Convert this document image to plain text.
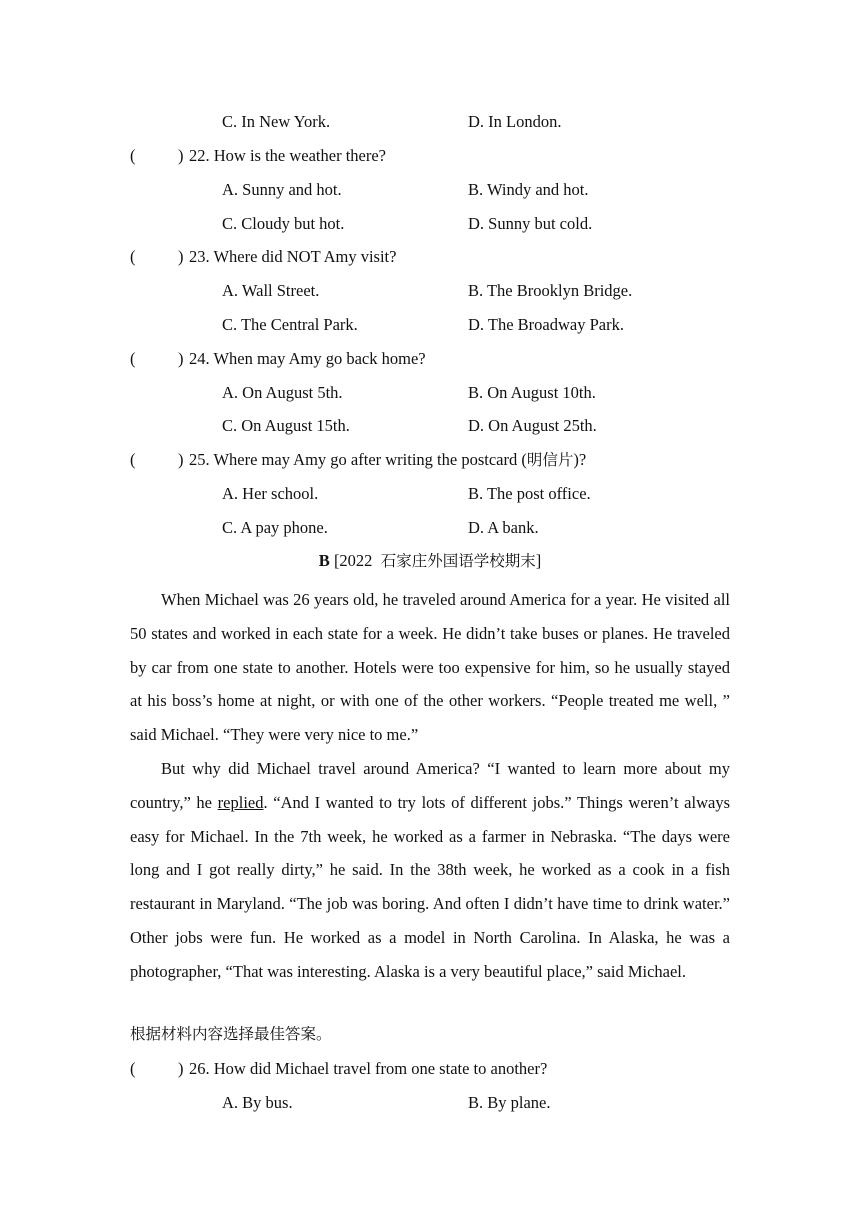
C. In New York.	D. In London.
(	) 22. How is the weather there?
A. Sunny and hot.	B. Windy and hot.
C. Cloudy but hot.	D. Sunny but cold.
(	) 23. Where did NOT Amy visit?
A. Wall Street.	B. The Brooklyn Bridge.
C. The Central Park.	D. The Broadway Park.
(	) 24. When may Amy go back home?
A. On August 5th.	B. On August 10th.
C. On August 15th.	D. On August 25th.
(	) 25. Where may Amy go after writing the postcard (明信片)?
A. Her school.	B. The post office.
C. A pay phone.	D. A bank.
B [2022 石家庄外国语学校期末]

When Michael was 26 years old, he traveled around America for a year. He visited all 50 states and worked in each state for a week. He didn’t take buses or planes. He traveled by car from one state to another. Hotels were too expensive for him, so he usually stayed at his boss’s home at night, or with one of the other workers. “People treated me well, ” said Michael. “They were very nice to me.”

But why did Michael travel around America? “I wanted to learn more about my country,” he replied. “And I wanted to try lots of different jobs.” Things weren’t always easy for Michael. In the 7th week, he worked as a farmer in Nebraska. “The days were long and I got really dirty,” he said. In the 38th week, he worked as a cook in a fish restaurant in Maryland. “The job was boring. And often I didn’t have time to drink water.” Other jobs were fun. He worked as a model in North Carolina. In Alaska, he was a photographer, “That was interesting. Alaska is a very beautiful place,” said Michael.

根据材料内容选择最佳答案。
(	) 26. How did Michael travel from one state to another?
A. By bus.	B. By plane.
